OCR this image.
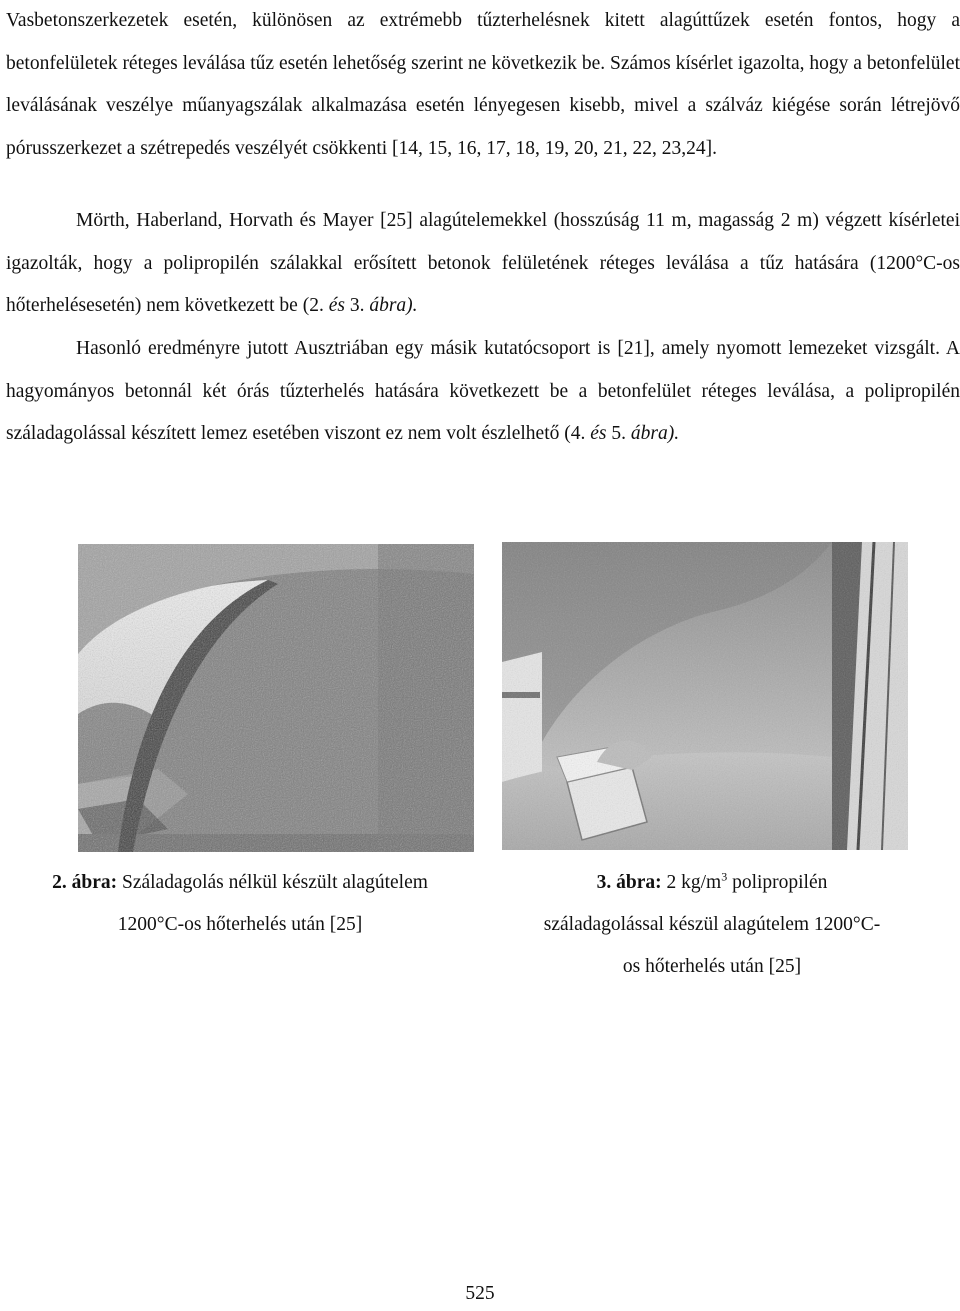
Vasbetonszerkezetek esetén, különösen az extrémebb tűzterhelésnek kitett alagúttűzek esetén fontos, hogy a betonfelületek réteges leválása tűz esetén lehetőség szerint ne következik be. Számos kísérlet igazolta, hogy a betonfelület leválásának veszélye műanyagszálak alkalmazása esetén lényegesen kisebb, mivel a szálváz kiégése során létrejövő pórusszerkezet a szétrepedés veszélyét csökkenti [14, 15, 16, 17, 18, 19, 20, 21, 22, 23,24].

Mörth, Haberland, Horvath és Mayer [25] alagútelemekkel (hosszúság 11 m, magasság 2 m) végzett kísérletei igazolták, hogy a polipropilén szálakkal erősített betonok felületének réteges leválása a tűz hatására (1200°C-os hőterhelésesetén) nem következett be (2. és 3. ábra).

Hasonló eredményre jutott Ausztriában egy másik kutatócsoport is [21], amely nyomott lemezeket vizsgált. A hagyományos betonnál két órás tűzterhelés hatására következett be a betonfelület réteges leválása, a polipropilén száladagolással készített lemez esetében viszont ez nem volt észlelhető (4. és 5. ábra).

2. ábra: Száladagolás nélkül készült alagútelem
1200°C-os hőterhelés után [25]

3. ábra: 2 $kg/m^3$ polipropilén
száladagolással készül alagútelem 1200°C-
os hőterhelés után [25]

525
